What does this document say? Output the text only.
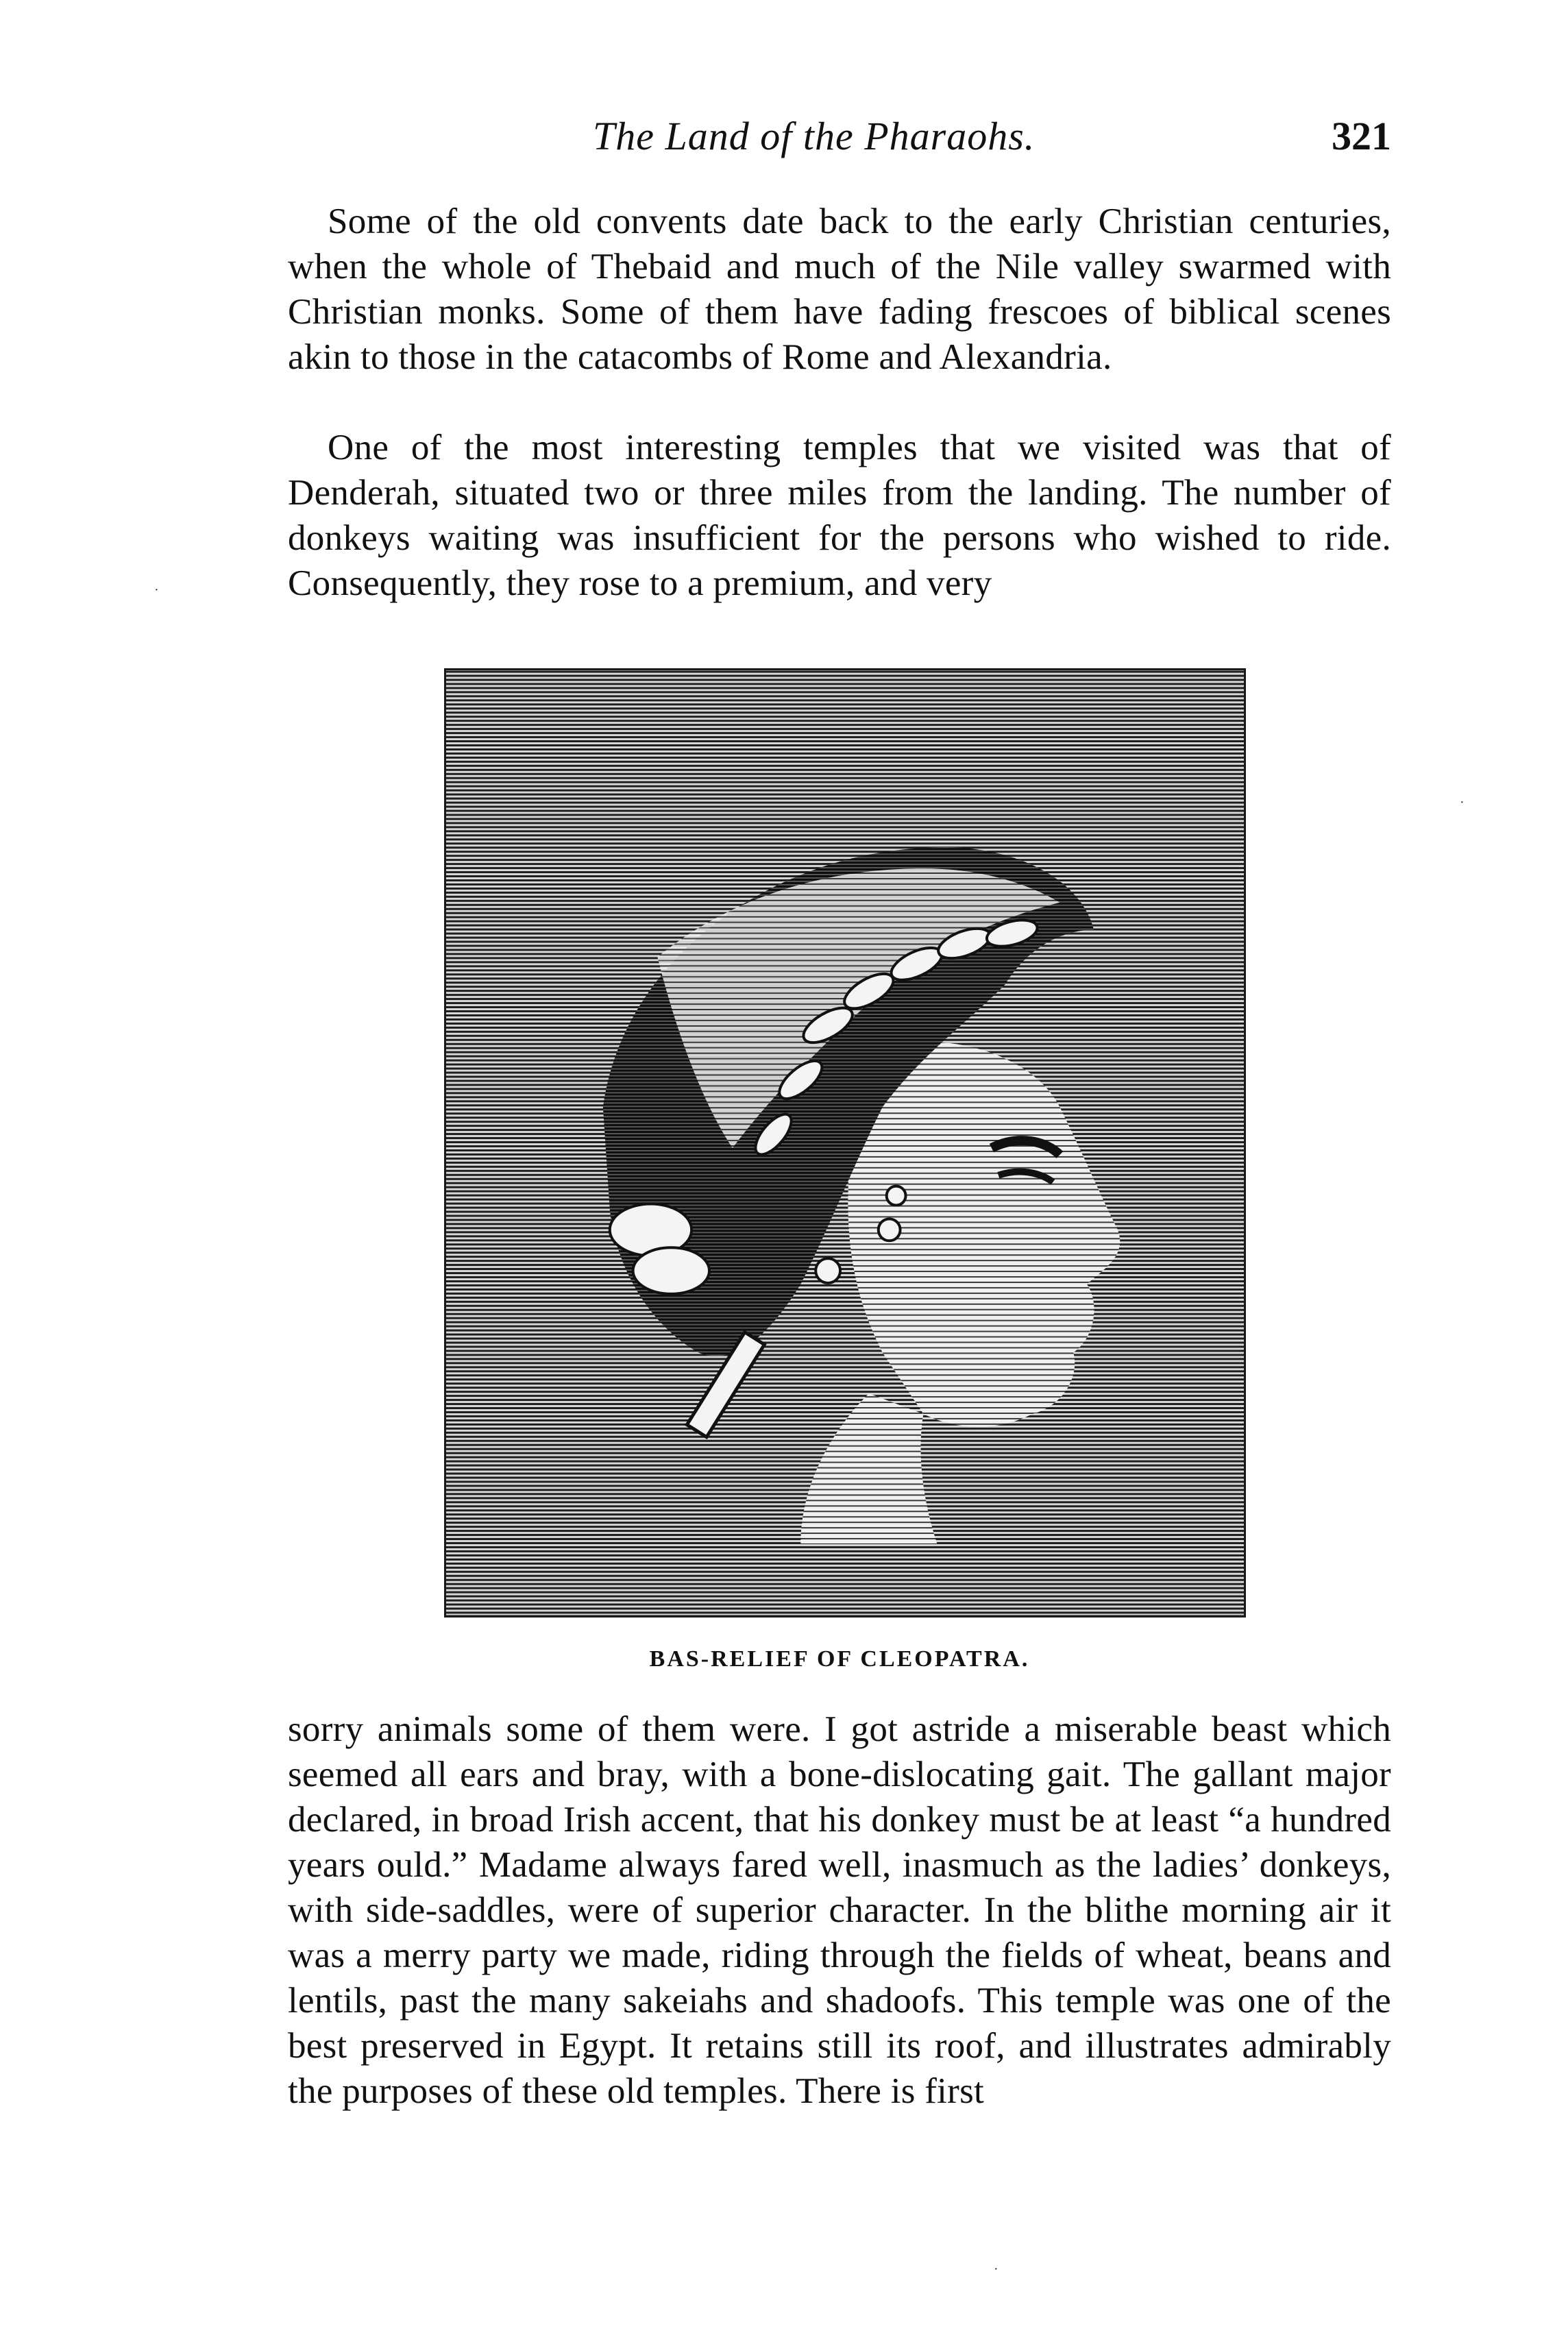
The Land of the Pharaohs.	321

Some of the old convents date back to the early Christian centuries, when the whole of Thebaid and much of the Nile valley swarmed with Christian monks. Some of them have fading frescoes of biblical scenes akin to those in the catacombs of Rome and Alexandria.

One of the most interesting temples that we visited was that of Denderah, situated two or three miles from the landing. The number of donkeys waiting was insufficient for the persons who wished to ride. Consequently, they rose to a premium, and very

BAS-RELIEF OF CLEOPATRA.

sorry animals some of them were. I got astride a miserable beast which seemed all ears and bray, with a bone-dislocating gait. The gallant major declared, in broad Irish accent, that his donkey must be at least “a hundred years ould.” Madame always fared well, inasmuch as the ladies’ donkeys, with side-saddles, were of superior character. In the blithe morning air it was a merry party we made, riding through the fields of wheat, beans and lentils, past the many sakeiahs and shadoofs. This temple was one of the best preserved in Egypt. It retains still its roof, and illustrates admirably the purposes of these old temples. There is first

·
·
·
